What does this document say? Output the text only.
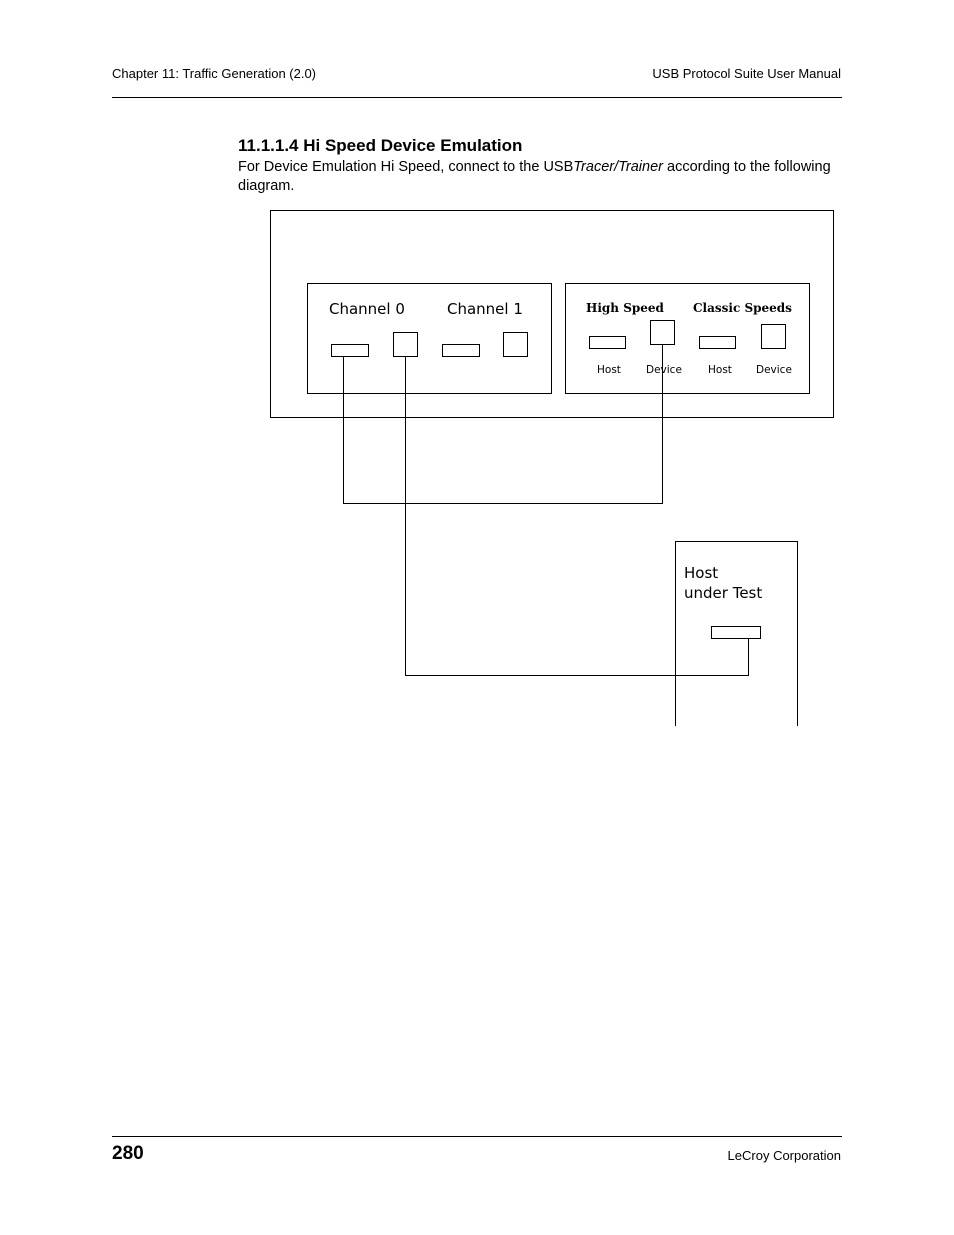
Chapter 11: Traffic Generation (2.0)	USB Protocol Suite User Manual
11.1.1.4 Hi Speed Device Emulation

For Device Emulation Hi Speed, connect to the USBTracer/Trainer according to the following diagram.

Channel 0	Channel 1	High Speed Classic Speeds
Host Device Host Device
Host
under Test
280	LeCroy Corporation
